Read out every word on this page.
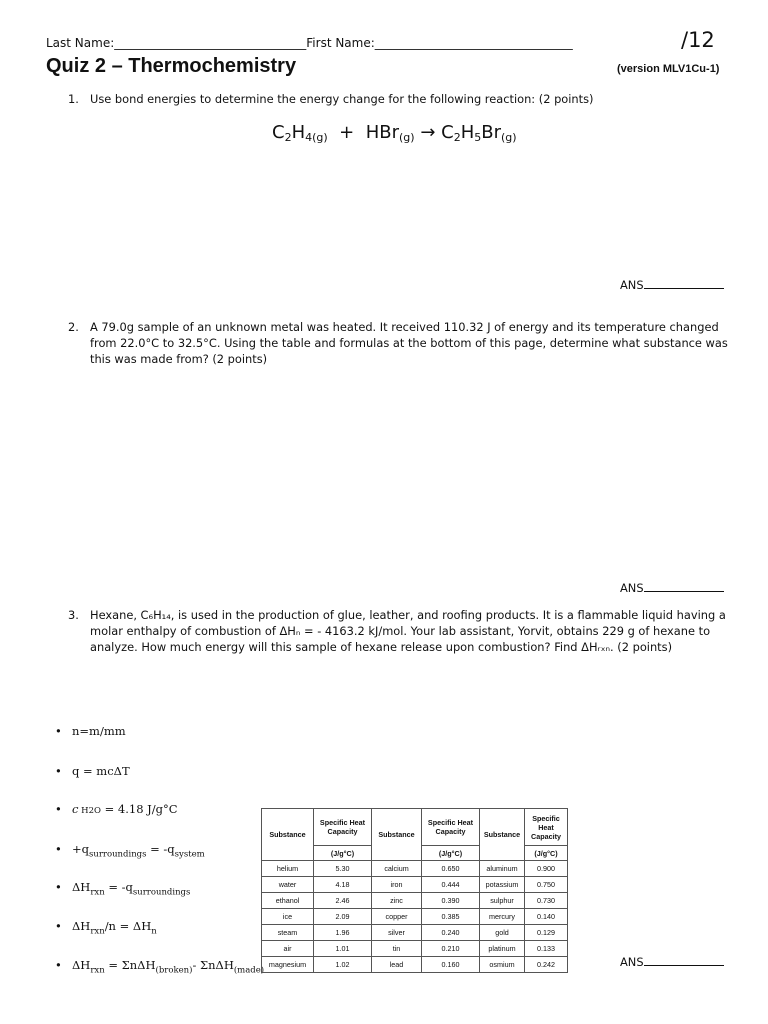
Last Name:________________________________First Name:_________________________________	/12
Quiz 2 – Thermochemistry	(version MLV1Cu-1)
1. Use bond energies to determine the energy change for the following reaction: (2 points)
$C_2H_{4(g)} + HBr_{(g)} \to C_2H_5Br_{(g)}$
ANS
2. A 79.0g sample of an unknown metal was heated. It received 110.32 J of energy and its temperature changed from 22.0°C to 32.5°C. Using the table and formulas at the bottom of this page, determine what substance was this was made from? (2 points)
ANS
3. Hexane, C₆H₁₄, is used in the production of glue, leather, and roofing products. It is a flammable liquid having a molar enthalpy of combustion of ΔHₙ = - 4163.2 kJ/mol. Your lab assistant, Yorvit, obtains 229 g of hexane to analyze. How much energy will this sample of hexane release upon combustion? Find ΔHᵣₓₙ. (2 points)
• n=m/mm
• q = mcΔT
• c H2O = 4.18 J/g°C
• $+q_{surroundings} = -q_{system}$
• $\Delta H_{rxn} = -q_{surroundings}$
• $\Delta H_{rxn}/n = \Delta H_n$
• $\Delta H_{rxn} = \Sigma n\Delta H_{(broken)}-$ ΣnΔH$_{(made)}$
Substance	Specific Heat Capacity	Substance	Specific Heat Capacity	Substance	Specific Heat Capacity
	(J/g°C)		(J/g°C)		(J/g°C)
helium	5.30	calcium	0.650	aluminum	0.900
water	4.18	iron	0.444	potassium	0.750
ethanol	2.46	zinc	0.390	sulphur	0.730
ice	2.09	copper	0.385	mercury	0.140
steam	1.96	silver	0.240	gold	0.129
air	1.01	tin	0.210	platinum	0.133
magnesium	1.02	lead	0.160	osmium	0.242	ANS
